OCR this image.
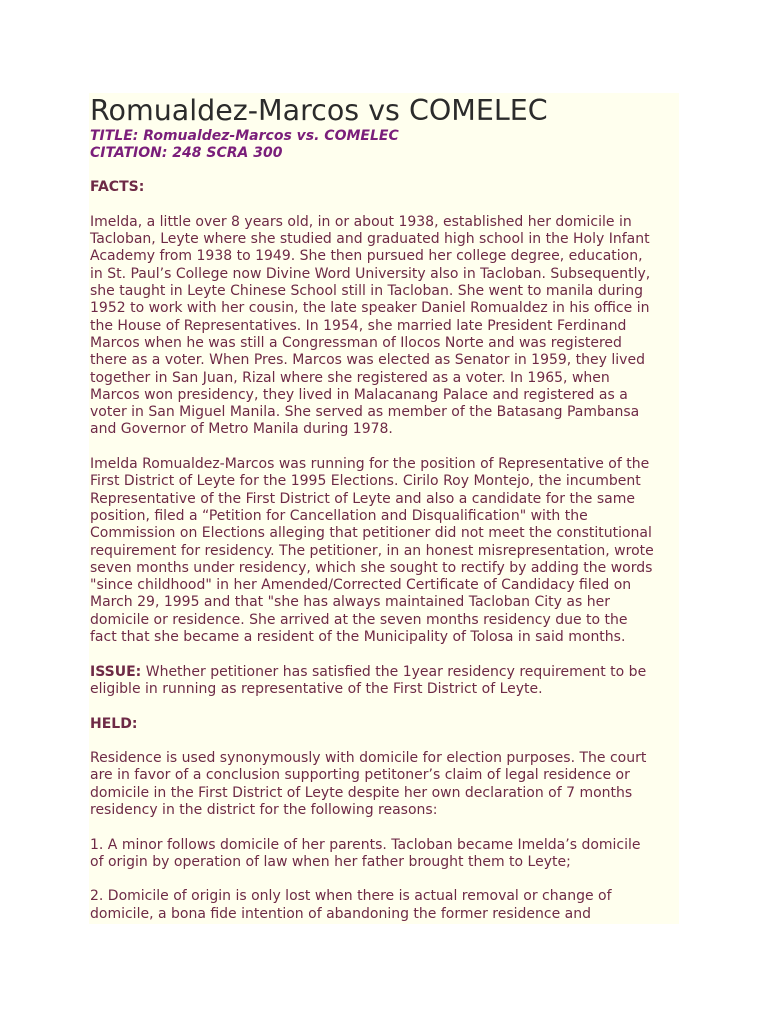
Romualdez-Marcos vs COMELEC
TITLE: Romualdez-Marcos vs. COMELEC
CITATION: 248 SCRA 300
FACTS:
Imelda, a little over 8 years old, in or about 1938, established her domicile in
Tacloban, Leyte where she studied and graduated high school in the Holy Infant
Academy from 1938 to 1949. She then pursued her college degree, education,
in St. Paul’s College now Divine Word University also in Tacloban. Subsequently,
she taught in Leyte Chinese School still in Tacloban. She went to manila during
1952 to work with her cousin, the late speaker Daniel Romualdez in his office in
the House of Representatives. In 1954, she married late President Ferdinand
Marcos when he was still a Congressman of Ilocos Norte and was registered
there as a voter. When Pres. Marcos was elected as Senator in 1959, they lived
together in San Juan, Rizal where she registered as a voter. In 1965, when
Marcos won presidency, they lived in Malacanang Palace and registered as a
voter in San Miguel Manila. She served as member of the Batasang Pambansa
and Governor of Metro Manila during 1978.
Imelda Romualdez-Marcos was running for the position of Representative of the
First District of Leyte for the 1995 Elections. Cirilo Roy Montejo, the incumbent
Representative of the First District of Leyte and also a candidate for the same
position, filed a “Petition for Cancellation and Disqualification" with the
Commission on Elections alleging that petitioner did not meet the constitutional
requirement for residency. The petitioner, in an honest misrepresentation, wrote
seven months under residency, which she sought to rectify by adding the words
"since childhood" in her Amended/Corrected Certificate of Candidacy filed on
March 29, 1995 and that "she has always maintained Tacloban City as her
domicile or residence. She arrived at the seven months residency due to the
fact that she became a resident of the Municipality of Tolosa in said months.
ISSUE: Whether petitioner has satisfied the 1year residency requirement to be
eligible in running as representative of the First District of Leyte.
HELD:
Residence is used synonymously with domicile for election purposes. The court
are in favor of a conclusion supporting petitoner’s claim of legal residence or
domicile in the First District of Leyte despite her own declaration of 7 months
residency in the district for the following reasons:
1. A minor follows domicile of her parents. Tacloban became Imelda’s domicile
of origin by operation of law when her father brought them to Leyte;
2. Domicile of origin is only lost when there is actual removal or change of
domicile, a bona fide intention of abandoning the former residence and
